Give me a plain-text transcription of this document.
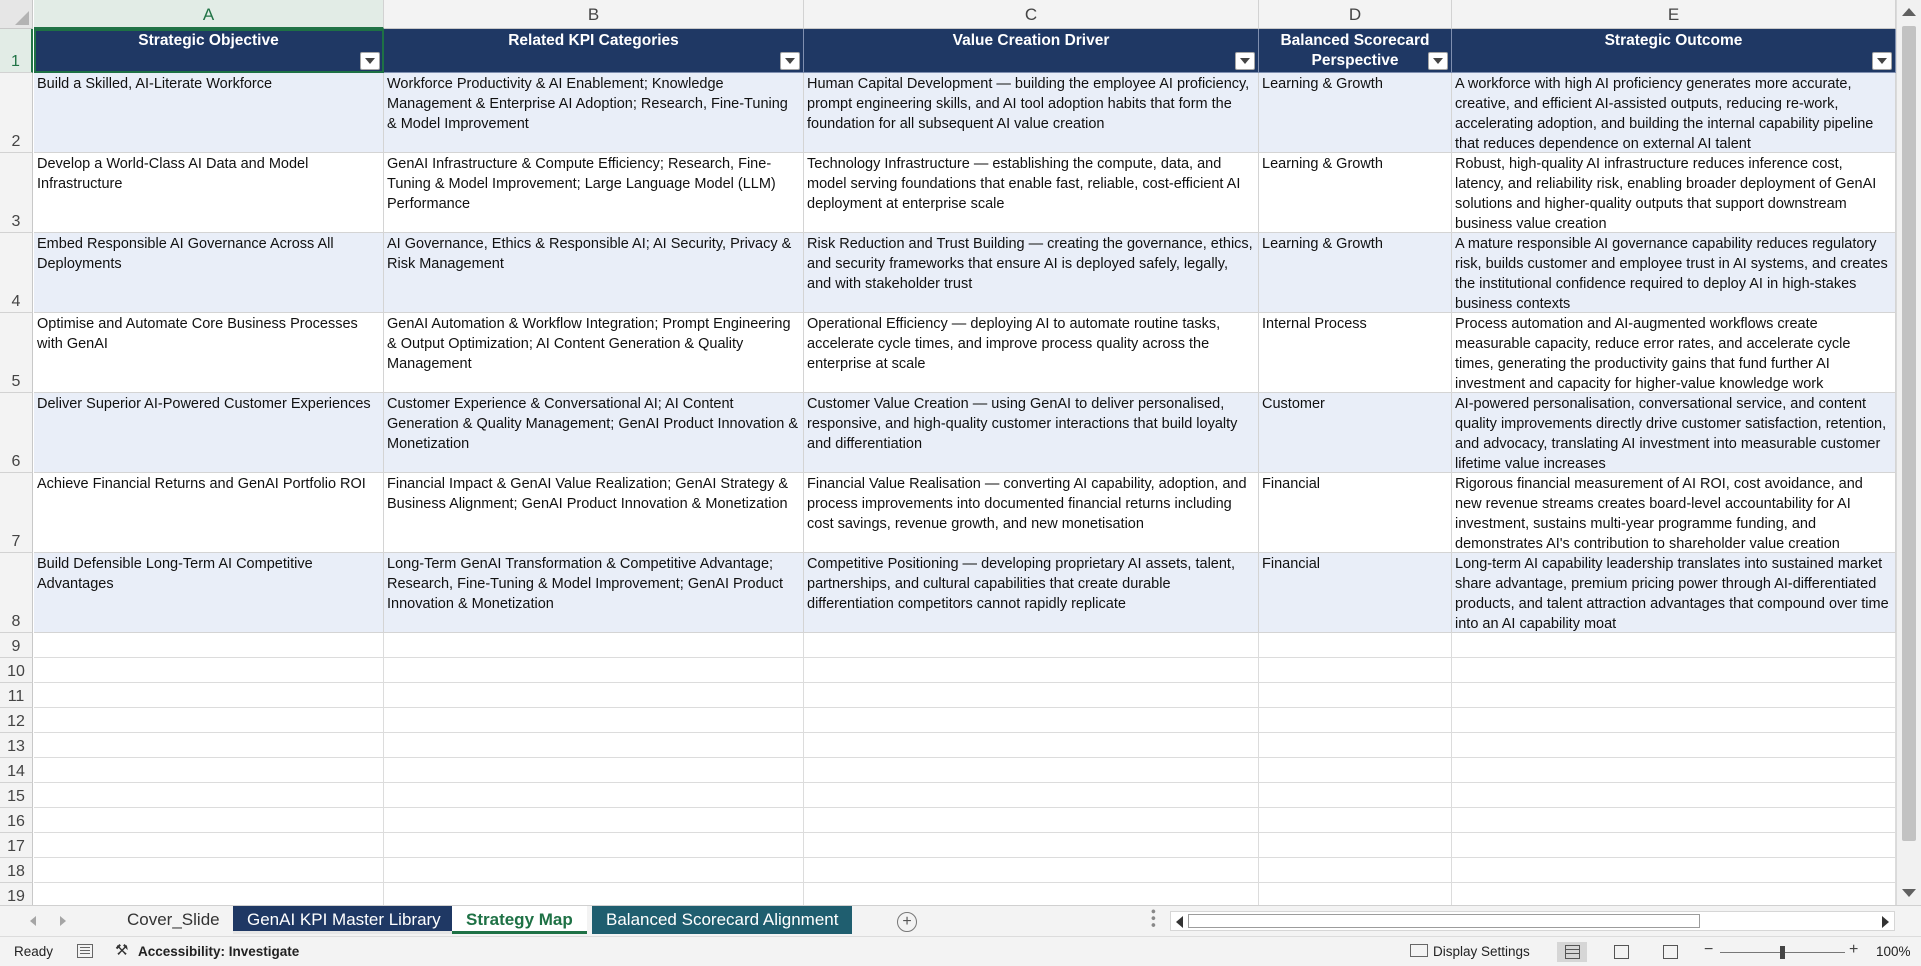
A	B	C	D	E
1
2
3
4
5
6
7
8
9
10
11
12
13
14
15
16
17
18
19
Strategic Objective	Related KPI Categories	Value Creation Driver	Balanced Scorecard Perspective
Strategic Outcome
Build a Skilled, AI-Literate Workforce	Workforce Productivity & AI Enablement; Knowledge Management & Enterprise AI Adoption; Research, Fine-Tuning & Model Improvement
Human Capital Development — building the employee AI proficiency, prompt engineering skills, and AI tool adoption habits that form the foundation for all subsequent AI value creation
Learning & Growth	A workforce with high AI proficiency generates more accurate, creative, and efficient AI-assisted outputs, reducing re-work, accelerating adoption, and building the internal capability pipeline that reduces dependence on external AI talent
Develop a World-Class AI Data and Model Infrastructure
GenAI Infrastructure & Compute Efficiency; Research, Fine-Tuning & Model Improvement; Large Language Model (LLM) Performance
Technology Infrastructure — establishing the compute, data, and model serving foundations that enable fast, reliable, cost-efficient AI deployment at enterprise scale
Learning & Growth	Robust, high-quality AI infrastructure reduces inference cost, latency, and reliability risk, enabling broader deployment of GenAI solutions and higher-quality outputs that support downstream business value creation
Embed Responsible AI Governance Across All Deployments
AI Governance, Ethics & Responsible AI; AI Security, Privacy & Risk Management
Risk Reduction and Trust Building — creating the governance, ethics, and security frameworks that ensure AI is deployed safely, legally, and with stakeholder trust
Learning & Growth	A mature responsible AI governance capability reduces regulatory risk, builds customer and employee trust in AI systems, and creates the institutional confidence required to deploy AI in high-stakes business contexts
Optimise and Automate Core Business Processes with GenAI
GenAI Automation & Workflow Integration; Prompt Engineering & Output Optimization; AI Content Generation & Quality Management
Operational Efficiency — deploying AI to automate routine tasks, accelerate cycle times, and improve process quality across the enterprise at scale
Internal Process	Process automation and AI-augmented workflows create measurable capacity, reduce error rates, and accelerate cycle times, generating the productivity gains that fund further AI investment and capacity for higher-value knowledge work
Deliver Superior AI-Powered Customer Experiences	Customer Experience & Conversational AI; AI Content Generation & Quality Management; GenAI Product Innovation & Monetization
Customer Value Creation — using GenAI to deliver personalised, responsive, and high-quality customer interactions that build loyalty and differentiation
Customer	AI-powered personalisation, conversational service, and content quality improvements directly drive customer satisfaction, retention, and advocacy, translating AI investment into measurable customer lifetime value increases
Achieve Financial Returns and GenAI Portfolio ROI	Financial Impact & GenAI Value Realization; GenAI Strategy & Business Alignment; GenAI Product Innovation & Monetization
Financial Value Realisation — converting AI capability, adoption, and process improvements into documented financial returns including cost savings, revenue growth, and new monetisation
Financial	Rigorous financial measurement of AI ROI, cost avoidance, and new revenue streams creates board-level accountability for AI investment, sustains multi-year programme funding, and demonstrates AI's contribution to shareholder value creation
Build Defensible Long-Term AI Competitive Advantages
Long-Term GenAI Transformation & Competitive Advantage; Research, Fine-Tuning & Model Improvement; GenAI Product Innovation & Monetization
Competitive Positioning — developing proprietary AI assets, talent, partnerships, and cultural capabilities that create durable differentiation competitors cannot rapidly replicate
Financial	Long-term AI capability leadership translates into sustained market share advantage, premium pricing power through AI-differentiated products, and talent attraction advantages that compound over time into an AI capability moat
Cover_Slide	GenAI KPI Master Library	Strategy Map	Balanced Scorecard Alignment	+	• • •
Ready
⚒	Accessibility: Investigate	Display Settings	−	+ 100%
